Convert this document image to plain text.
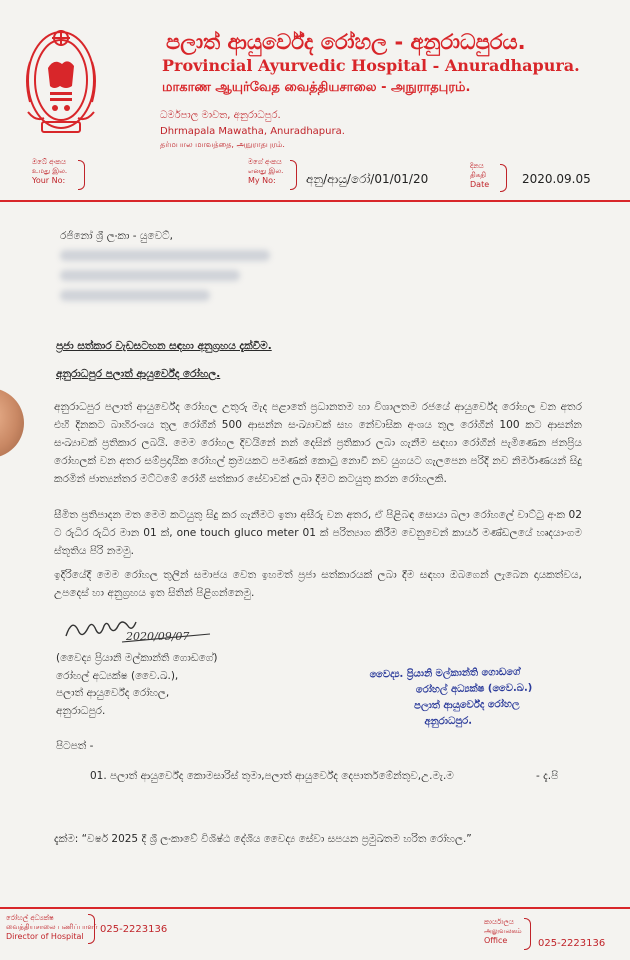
පලාත් ආයුර්වේද රෝහල - අනුරාධපුරය.
Provincial Ayurvedic Hospital - Anuradhapura.
மாகாண ஆயுர்வேத வைத்தியசாலை - அநுராதபுரம்.
ධර්මපාල මාවත, අනුරාධපුර.
Dhrmapala Mawatha, Anuradhapura.
தர்மபால மாவத்தை, அநுராதபுரம்.
ඔබේ අංකය
உமது இல.
Your No:
මගේ අංකය
எனது இல.
My No:	අනු/ආයු/රෝ/01/01/20
දිනය
திகதி
Date	2020.09.05
රජිනෝ ශ්‍රී ලංකා - යුවෙට්,
ප්‍රජා සත්කාර වැඩසටහන සඳහා අනුග්‍රහය දැක්වීම.
අනුරාධපුර පලාත් ආයුර්වේද රෝහල.
අනුරාධපුර පලාත් ආයුර්වේද රෝහල උතුරු මැද පළාතේ ප්‍රධානතම හා විශාලතම රජයේ ආයුර්වේද රෝහල වන අතර එහි දිනකට බාහිරංශය තුල රෝගීන් 500 ආසන්න සංඛ්‍යාවක් සහ නේවාසික අංශය තුල රෝගීන් 100 කට ආසන්න සංඛ්‍යාවක් ප්‍රතිකාර ලබයි. මෙම රෝහල දිවයිනේ නන් දෙසින් ප්‍රතිකාර ලබා ගැනීම සඳහා රෝගීන් පැමිණෙන ජනප්‍රිය රෝහලක් වන අතර සම්ප්‍රදායික රෝහල් ක්‍රමයකට පමණක් කොටු නොවී නව යුගයට ගැලපෙන පරිදි නව නිර්මාණයන් සිදු කරමින් ජාත්‍යන්තර මට්ටමේ රෝගී සත්කාර සේවාවක් ලබා දීමට කටයුතු කරන රෝහලකි.
සීමිත ප්‍රතිපාදන මත මෙම කටයුතු සිදු කර ගැනීමට ඉතා අසීරු වන අතර, ඒ පිළිබඳ සොයා බලා රෝහලේ වාට්ටු අංක 02 ට රුධිර රුධිර මාන 01 ක්, one touch gluco meter 01 ක් පරිත්‍යාග කිරීම වෙනුවෙන් කාර්ය මණ්ඩලයේ හෘදයාංගම ස්තූතිය පිරි නමමු.
ඉදිරියේදී මෙම රෝහල තුලින් සමාජය වෙත ඉහමත් ප්‍රජා සත්කාරයක් ලබා දීම සඳහා ඔබගෙන් ලැබෙන දායකත්වය, උපදෙස් හා අනුග්‍රහය ඉත සිතින් පිළිගන්නෙමු.
2020/09/07
(වෛද්‍ය ප්‍රියානි මල්කාන්ති ගොඩගේ)
රෝහල් අධ්‍යක්ෂ (වෛ.ඛ.),
පලාත් ආයුර්වේද රෝහල,
අනුරාධපුර.
වෛද්‍ය. ප්‍රියානි මල්කාන්ති ගොඩගේ
රෝහල් අධ්‍යක්ෂ (වෛ.ඛ.)
පලාත් ආයුර්වේද රෝහල
අනුරාධපුර.
පිටපත් -
01. පලාත් ආයුර්වේද කොමසාරිස් තුමා,පලාත් ආයුර්වේද දෙපාර්තමේන්තුව,උ.මැ.ම	- දැ.පි
දැක්ම: “වර්ෂ 2025 දී ශ්‍රී ලංකාවේ විශිෂ්ඨ දේශිය වෛද්‍ය සේවා සපයන ප්‍රමුඛතම හරිත රෝහල.”
රෝහල් අධ්‍යක්ෂ
வைத்தியசாலை பணிப்பாளர்
Director of Hospital
025-2223136
කාර්යාලය
அலுவலகம்
Office	025-2223136
